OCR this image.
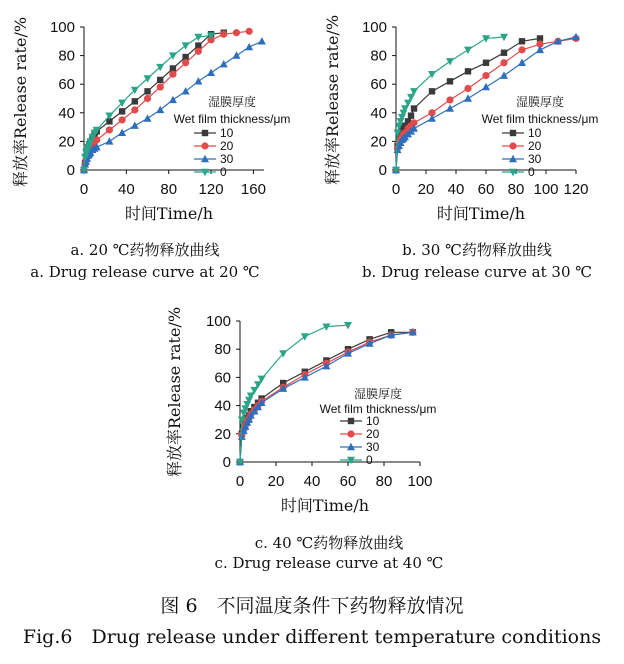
0
20
40
60
80
100
0 40 80 120 160
时间Time/h
释放率Release rate/%	湿膜厚度
Wet film thickness/μm
10
20
30
0
a. 20 ℃药物释放曲线
a. Drug release curve at 20 ℃
0
20
40
60
80
100
0 20 40 60 80 100 120
时间Time/h
释放率Release rate/%	湿膜厚度
Wet film thickness/μm
10
20
30
0
b. 30 ℃药物释放曲线
b. Drug release curve at 30 ℃
0
20
40
60
80
100
0 20 40 60 80 100
时间Time/h
释放率Release rate/%	湿膜厚度
Wet film thickness/μm
10
20
30
0
c. 40 ℃药物释放曲线
c. Drug release curve at 40 ℃
图 6　不同温度条件下药物释放情况
Fig.6　Drug release under different temperature conditions
